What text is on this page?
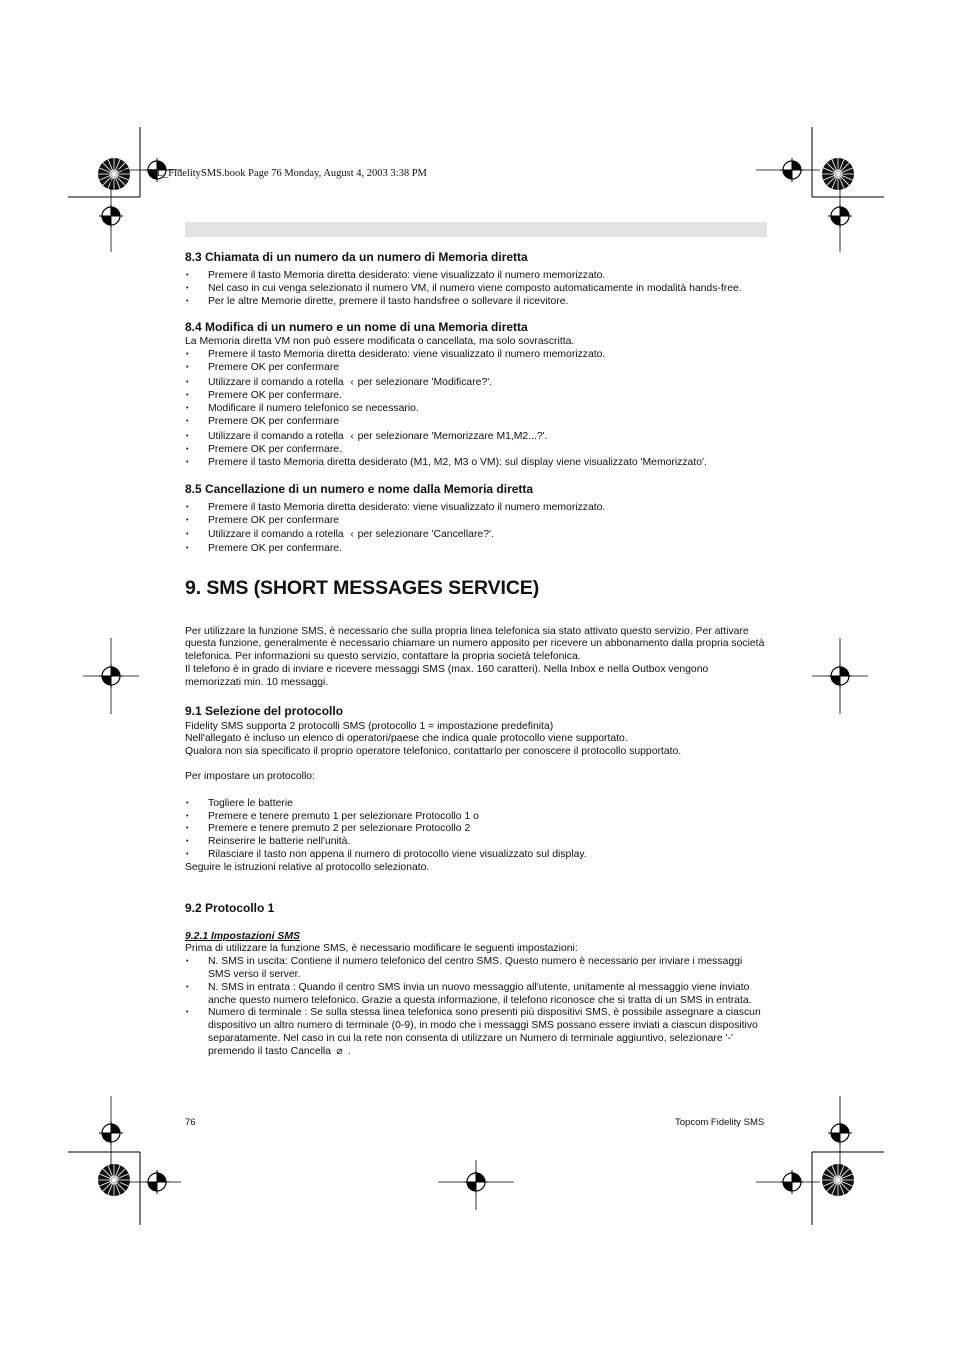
HL_FidelitySMS.book Page 76 Monday, August 4, 2003 3:38 PM
8.3 Chiamata di un numero da un numero di Memoria diretta
• Premere il tasto Memoria diretta desiderato: viene visualizzato il numero memorizzato.
• Nel caso in cui venga selezionato il numero VM, il numero viene composto automaticamente in modalità hands-free.
• Per le altre Memorie dirette, premere il tasto handsfree o sollevare il ricevitore.
8.4 Modifica di un numero e un nome di una Memoria diretta

La Memoria diretta VM non può essere modificata o cancellata, ma solo sovrascritta.

• Premere il tasto Memoria diretta desiderato: viene visualizzato il numero memorizzato.
• Premere OK per confermare
• Utilizzare il comando a rotella ‹ per selezionare 'Modificare?'.
• Premere OK per confermare.
• Modificare il numero telefonico se necessario.
• Premere OK per confermare
• Utilizzare il comando a rotella ‹ per selezionare 'Memorizzare M1,M2...?'.
• Premere OK per confermare.
• Premere il tasto Memoria diretta desiderato (M1, M2, M3 o VM): sul display viene visualizzato 'Memorizzato'.
8.5 Cancellazione di un numero e nome dalla Memoria diretta
• Premere il tasto Memoria diretta desiderato: viene visualizzato il numero memorizzato.
• Premere OK per confermare
• Utilizzare il comando a rotella ‹ per selezionare 'Cancellare?'.
• Premere OK per confermare.
9. SMS (SHORT MESSAGES SERVICE)

Per utilizzare la funzione SMS, è necessario che sulla propria linea telefonica sia stato attivato questo servizio. Per attivare questa funzione, generalmente è necessario chiamare un numero apposito per ricevere un abbonamento dalla propria società telefonica. Per informazioni su questo servizio, contattare la propria società telefonica.

Il telefono è in grado di inviare e ricevere messaggi SMS (max. 160 caratteri). Nella Inbox e nella Outbox vengono memorizzati min. 10 messaggi.

9.1 Selezione del protocollo

Fidelity SMS supporta 2 protocolli SMS (protocollo 1 = impostazione predefinita)

Nell'allegato è incluso un elenco di operatori/paese che indica quale protocollo viene supportato.

Qualora non sia specificato il proprio operatore telefonico, contattarlo per conoscere il protocollo supportato.

Per impostare un protocollo:

• Togliere le batterie
• Premere e tenere premuto 1 per selezionare Protocollo 1 o
• Premere e tenere premuto 2 per selezionare Protocollo 2
• Reinserire le batterie nell'unità.
• Rilasciare il tasto non appena il numero di protocollo viene visualizzato sul display.

Seguire le istruzioni relative al protocollo selezionato.

9.2 Protocollo 1
9.2.1 Impostazioni SMS

Prima di utilizzare la funzione SMS, è necessario modificare le seguenti impostazioni:

• N. SMS in uscita: Contiene il numero telefonico del centro SMS. Questo numero è necessario per inviare i messaggi SMS verso il server.
• N. SMS in entrata : Quando il centro SMS invia un nuovo messaggio all'utente, unitamente al messaggio viene inviato anche questo numero telefonico. Grazie a questa informazione, il telefono riconosce che si tratta di un SMS in entrata.
• Numero di terminale : Se sulla stessa linea telefonica sono presenti più dispositivi SMS, è possibile assegnare a ciascun dispositivo un altro numero di terminale (0-9), in modo che i messaggi SMS possano essere inviati a ciascun dispositivo separatamente. Nel caso in cui la rete non consenta di utilizzare un Numero di terminale aggiuntivo, selezionare '-' premendo il tasto Cancella ⌀ .
76	Topcom Fidelity SMS
